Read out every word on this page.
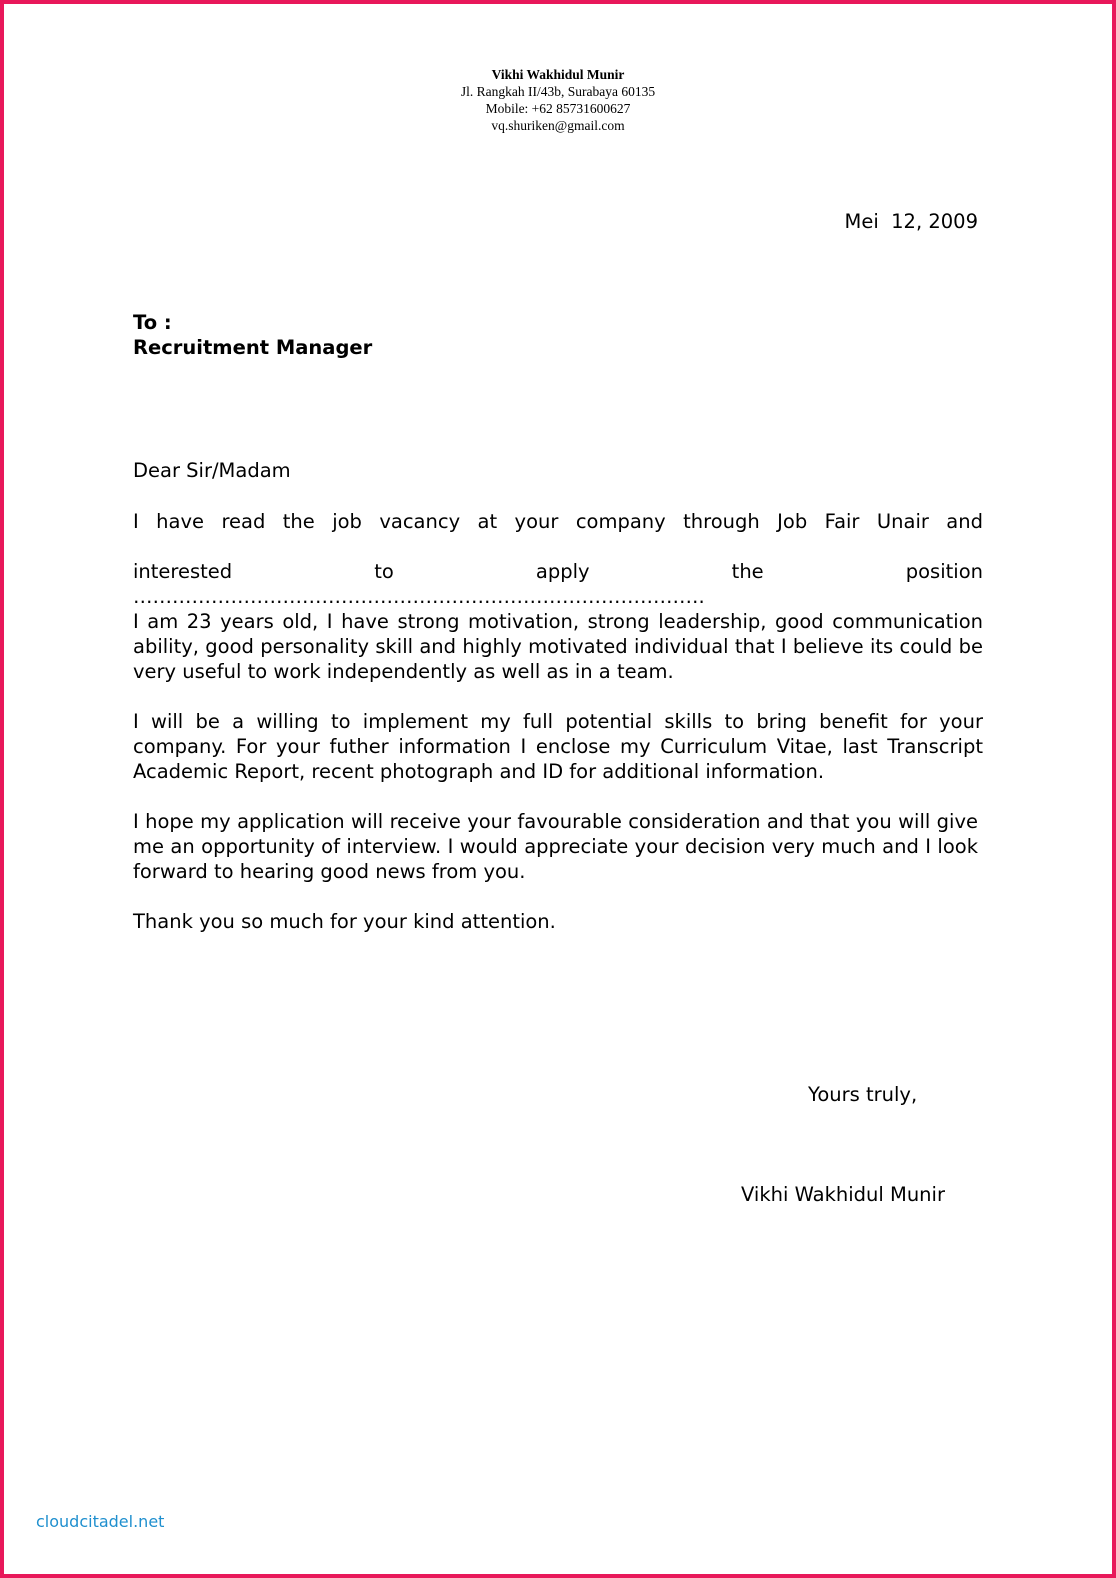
Vikhi Wakhidul Munir
Jl. Rangkah II/43b, Surabaya 60135
Mobile: +62 85731600627
vq.shuriken@gmail.com
Mei  12, 2009
To :
Recruitment Manager
Dear Sir/Madam
I have read the job vacancy at your company through Job Fair Unair and
interested to apply the position …………………………………………………………………………….
I am 23 years old, I have strong motivation, strong leadership, good communication ability, good personality skill and highly motivated individual that I believe its could be very useful to work independently as well as in a team.
I will be a willing to implement my full potential skills to bring benefit for your company. For your futher information I enclose my Curriculum Vitae, last Transcript Academic Report, recent photograph and ID for additional information.
I hope my application will receive your favourable consideration and that you will give me an opportunity of interview. I would appreciate your decision very much and I look forward to hearing good news from you.
Thank you so much for your kind attention.
Yours truly,
Vikhi Wakhidul Munir
cloudcitadel.net
